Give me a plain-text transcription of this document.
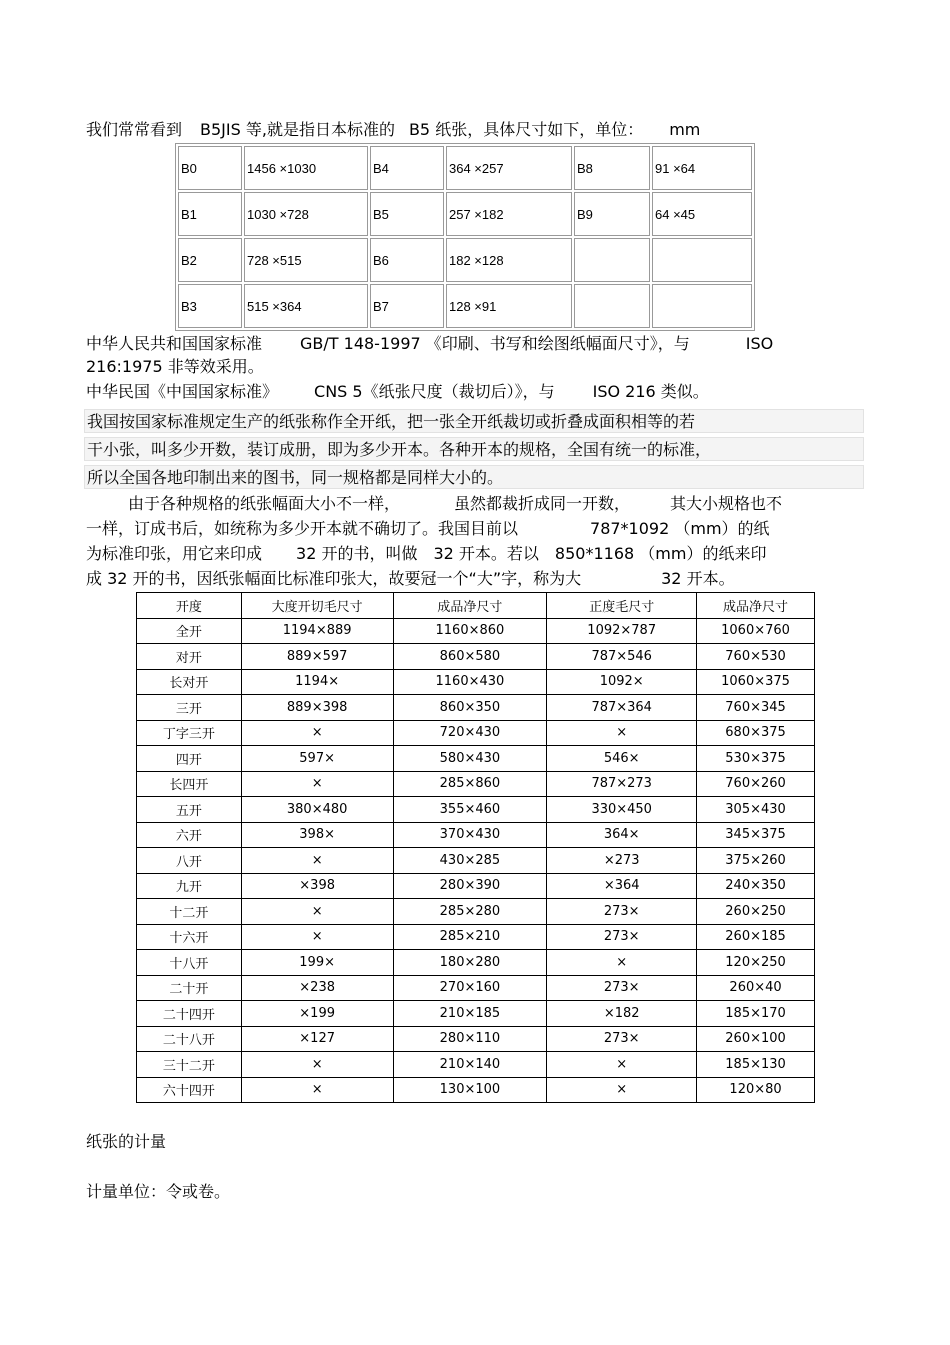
我们常常看到 B5JIS 等,就是指日本标准的 B5 纸张，具体尺寸如下，单位： mm
B0	1456 ×1030	B4	364 ×257	B8	91 ×64
B1	1030 ×728	B5	257 ×182	B9	64 ×45
B2	728 ×515	B6	182 ×128		
B3	515 ×364	B7	128 ×91		
中华人民共和国国家标准 GB/T 148-1997 《印刷、书写和绘图纸幅面尺寸》，与	ISO
216:1975 非等效采用。
中华民国《中国国家标准》 CNS 5《纸张尺度（裁切后）》，与 ISO 216 类似。
我国按国家标准规定生产的纸张称作全开纸，把一张全开纸裁切或折叠成面积相等的若
干小张，叫多少开数，装订成册，即为多少开本。各种开本的规格，全国有统一的标准，
所以全国各地印制出来的图书，同一规格都是同样大小的。
由于各种规格的纸张幅面大小不一样，	虽然都裁折成同一开数，	其大小规格也不
一样，订成书后，如统称为多少开本就不确切了。我国目前以	787*1092 （mm）的纸
为标准印张，用它来印成 32 开的书，叫做 32 开本。若以 850*1168 （mm）的纸来印
成 32 开的书，因纸张幅面比标准印张大，故要冠一个“大”字，称为大	32 开本。
开度	大度开切毛尺寸	成品净尺寸	正度毛尺寸	成品净尺寸
全开	1194×889	1160×860	1092×787	1060×760
对开	889×597	860×580	787×546	760×530
长对开	1194×	1160×430	1092×	1060×375
三开	889×398	860×350	787×364	760×345
丁字三开	×	720×430	×	680×375
四开	597×	580×430	546×	530×375
长四开	×	285×860	787×273	760×260
五开	380×480	355×460	330×450	305×430
六开	398×	370×430	364×	345×375
八开	×	430×285	×273	375×260
九开	×398	280×390	×364	240×350
十二开	×	285×280	273×	260×250
十六开	×	285×210	273×	260×185
十八开	199×	180×280	×	120×250
二十开	×238	270×160	273×	260×40
二十四开	×199	210×185	×182	185×170
二十八开	×127	280×110	273×	260×100
三十二开	×	210×140	×	185×130
六十四开	×	130×100	×	120×80
纸张的计量
计量单位：令或卷。
